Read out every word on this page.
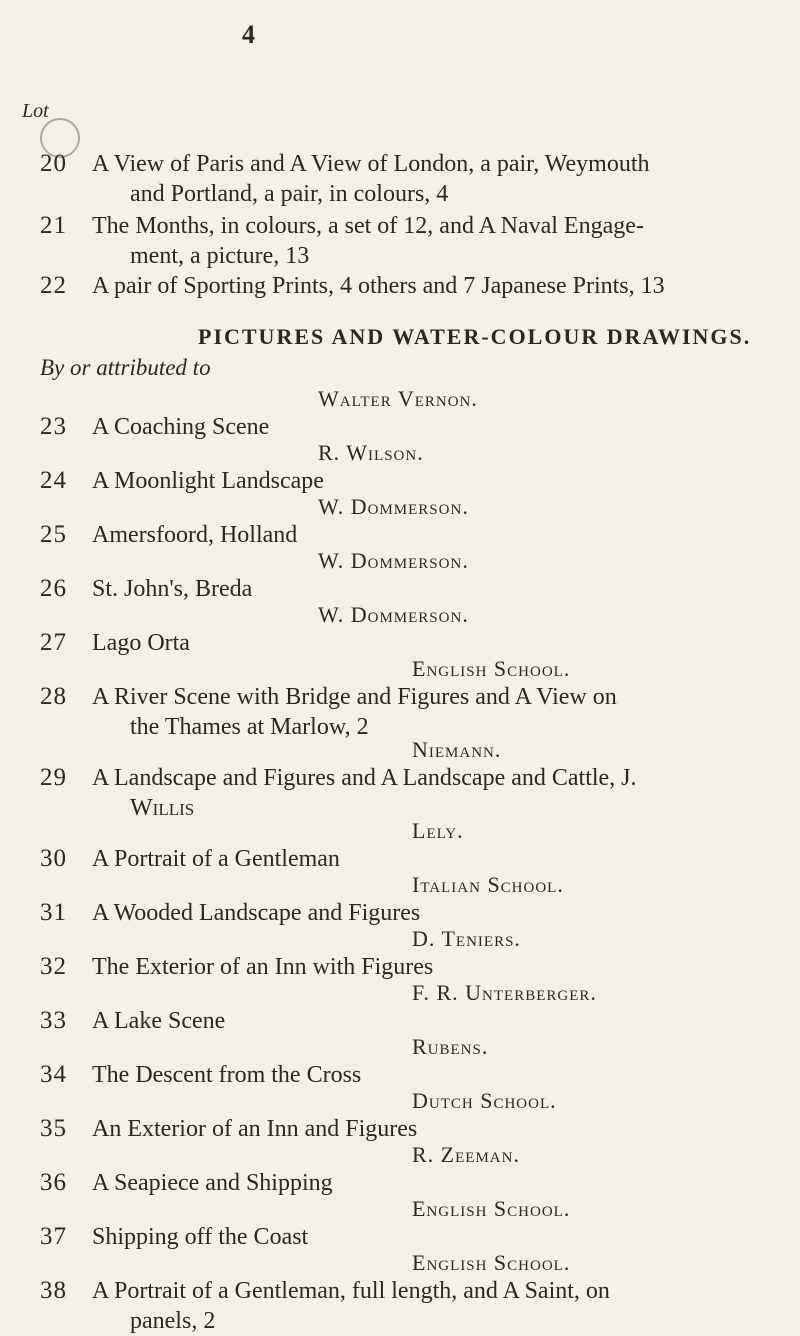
4
Lot
20 A View of Paris and A View of London, a pair, Weymouth
and Portland, a pair, in colours, 4
21 The Months, in colours, a set of 12, and A Naval Engage-
ment, a picture, 13
22 A pair of Sporting Prints, 4 others and 7 Japanese Prints, 13
PICTURES AND WATER-COLOUR DRAWINGS.
By or attributed to
Walter Vernon.
23 A Coaching Scene
R. Wilson.
24 A Moonlight Landscape
W. Dommerson.
25 Amersfoord, Holland
W. Dommerson.
26 St. John's, Breda
W. Dommerson.
27 Lago Orta
English School.
28 A River Scene with Bridge and Figures and A View on
the Thames at Marlow, 2
Niemann.
29 A Landscape and Figures and A Landscape and Cattle, J.
Willis
Lely.
30 A Portrait of a Gentleman
Italian School.
31 A Wooded Landscape and Figures
D. Teniers.
32 The Exterior of an Inn with Figures
F. R. Unterberger.
33 A Lake Scene
Rubens.
34 The Descent from the Cross
Dutch School.
35 An Exterior of an Inn and Figures
R. Zeeman.
36 A Seapiece and Shipping
English School.
37 Shipping off the Coast
English School.
38 A Portrait of a Gentleman, full length, and A Saint, on
panels, 2
